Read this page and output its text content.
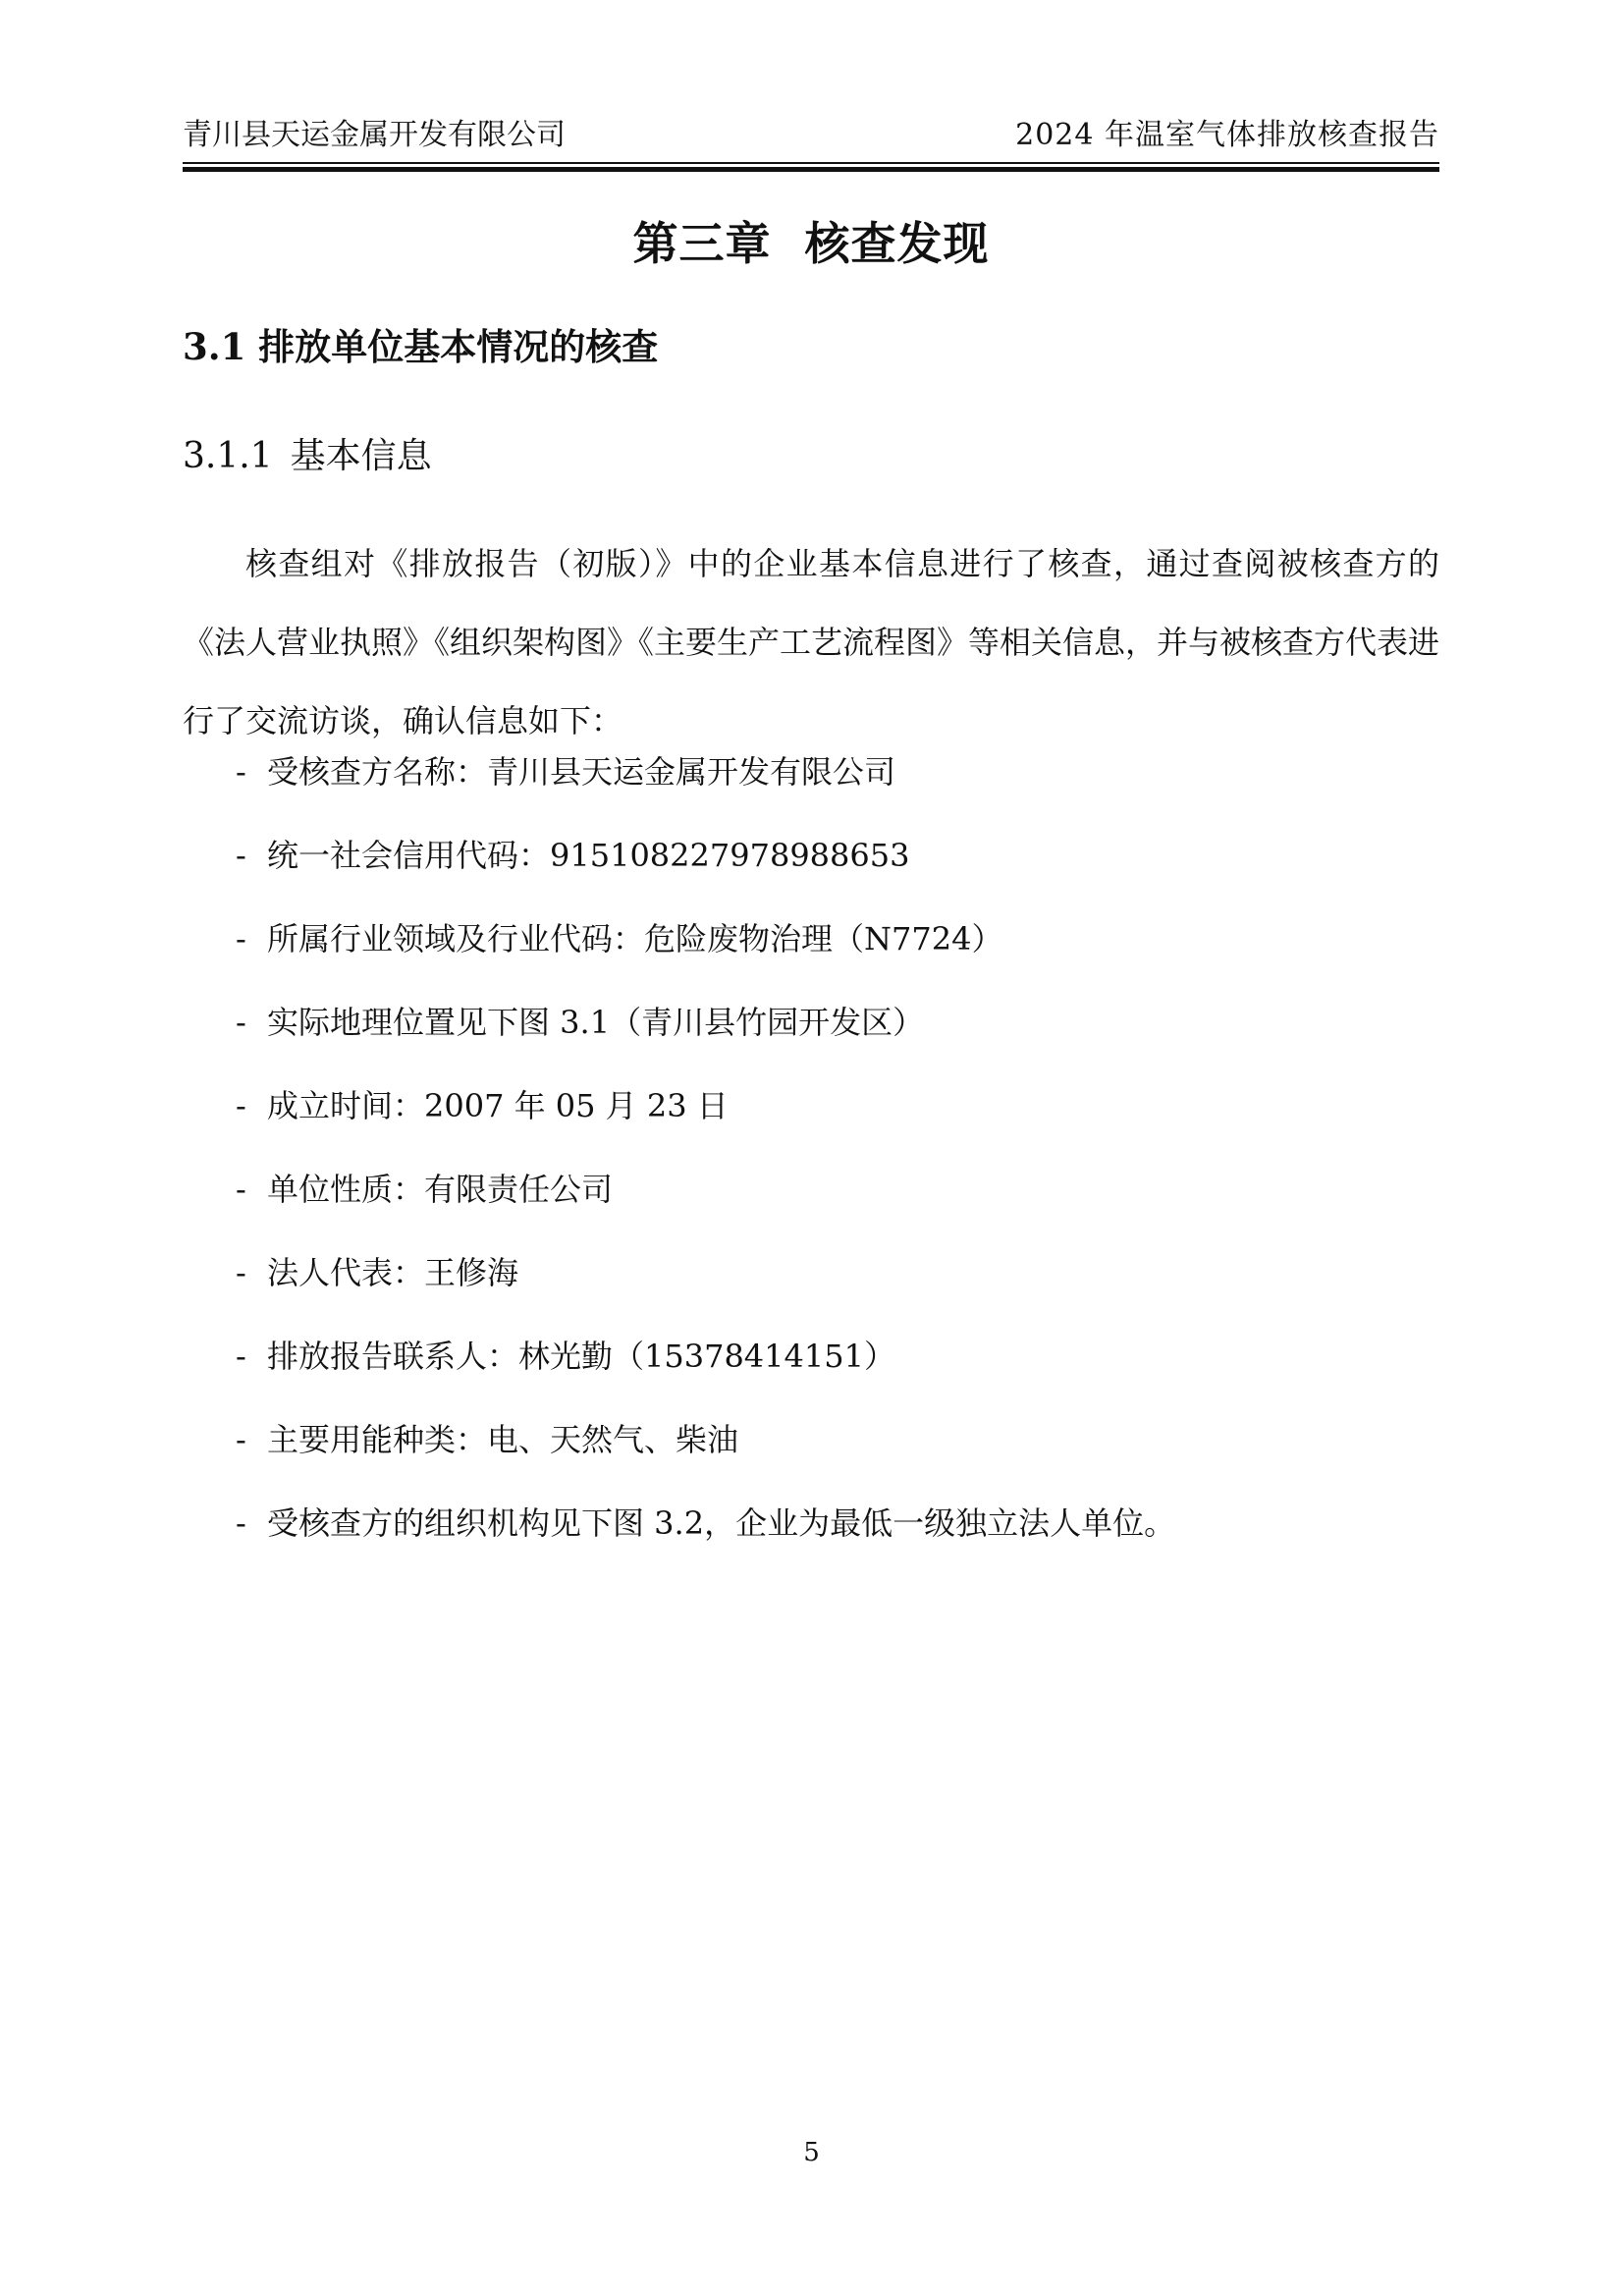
青川县天运金属开发有限公司	2024 年温室气体排放核查报告
第三章  核查发现
3.1 排放单位基本情况的核查
3.1.1 基本信息

核查组对《排放报告（初版）》中的企业基本信息进行了核查，通过查阅被核查方的《法人营业执照》《组织架构图》《主要生产工艺流程图》等相关信息，并与被核查方代表进行了交流访谈，确认信息如下：

- 受核查方名称：青川县天运金属开发有限公司
- 统一社会信用代码：915108227978988653
- 所属行业领域及行业代码：危险废物治理（N7724）
- 实际地理位置见下图 3.1（青川县竹园开发区）
- 成立时间：2007 年 05 月 23 日
- 单位性质：有限责任公司
- 法人代表：王修海
- 排放报告联系人：林光勤（15378414151）
- 主要用能种类：电、天然气、柴油
- 受核查方的组织机构见下图 3.2，企业为最低一级独立法人单位。
5
